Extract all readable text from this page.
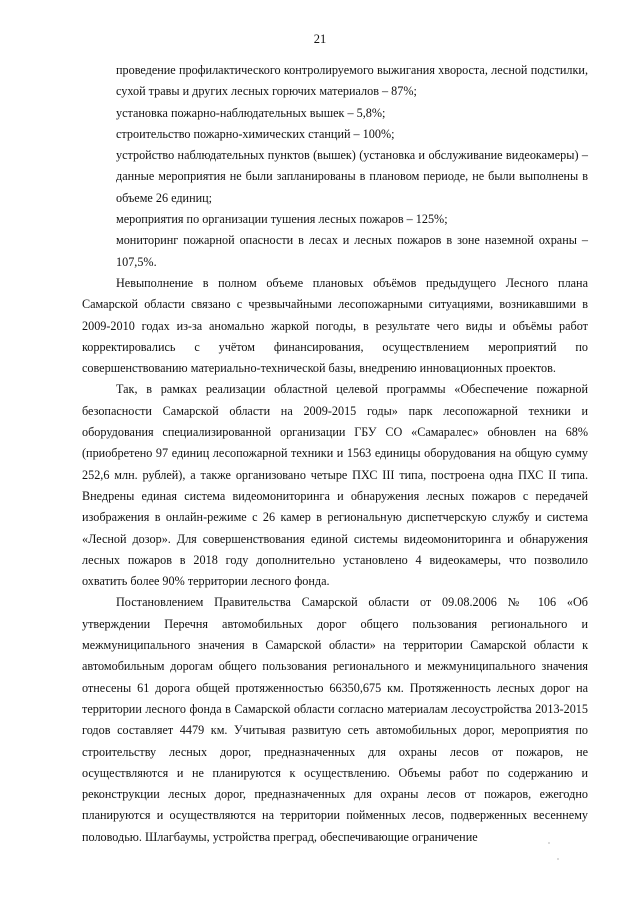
21

проведение профилактического контролируемого выжигания хвороста, лесной подстилки, сухой травы и других лесных горючих материалов – 87%;

установка пожарно-наблюдательных вышек – 5,8%;

строительство пожарно-химических станций – 100%;

устройство наблюдательных пунктов (вышек) (установка и обслуживание видеокамеры) – данные мероприятия не были запланированы в плановом периоде, не были выполнены в объеме 26 единиц;

мероприятия по организации тушения лесных пожаров – 125%;

мониторинг пожарной опасности в лесах и лесных пожаров в зоне наземной охраны – 107,5%.

Невыполнение в полном объеме плановых объёмов предыдущего Лесного плана Самарской области связано с чрезвычайными лесопожарными ситуациями, возникавшими в 2009-2010 годах из-за аномально жаркой погоды, в результате чего виды и объёмы работ корректировались с учётом финансирования, осуществлением мероприятий по совершенствованию материально-технической базы, внедрению инновационных проектов.

Так, в рамках реализации областной целевой программы «Обеспечение пожарной безопасности Самарской области на 2009-2015 годы» парк лесопожарной техники и оборудования специализированной организации ГБУ СО «Самаралес» обновлен на 68% (приобретено 97 единиц лесопожарной техники и 1563 единицы оборудования на общую сумму 252,6 млн. рублей), а также организовано четыре ПХС III типа, построена одна ПХС II типа. Внедрены единая система видеомониторинга и обнаружения лесных пожаров с передачей изображения в онлайн-режиме с 26 камер в региональную диспетчерскую службу и система «Лесной дозор». Для совершенствования единой системы видеомониторинга и обнаружения лесных пожаров в 2018 году дополнительно установлено 4 видеокамеры, что позволило охватить более 90% территории лесного фонда.

Постановлением Правительства Самарской области от 09.08.2006 № 106 «Об утверждении Перечня автомобильных дорог общего пользования регионального и межмуниципального значения в Самарской области» на территории Самарской области к автомобильным дорогам общего пользования регионального и межмуниципального значения отнесены 61 дорога общей протяженностью 66350,675 км. Протяженность лесных дорог на территории лесного фонда в Самарской области согласно материалам лесоустройства 2013-2015 годов составляет 4479 км. Учитывая развитую сеть автомобильных дорог, мероприятия по строительству лесных дорог, предназначенных для охраны лесов от пожаров, не осуществляются и не планируются к осуществлению. Объемы работ по содержанию и реконструкции лесных дорог, предназначенных для охраны лесов от пожаров, ежегодно планируются и осуществляются на территории пойменных лесов, подверженных весеннему половодью. Шлагбаумы, устройства преград, обеспечивающие ограничение
